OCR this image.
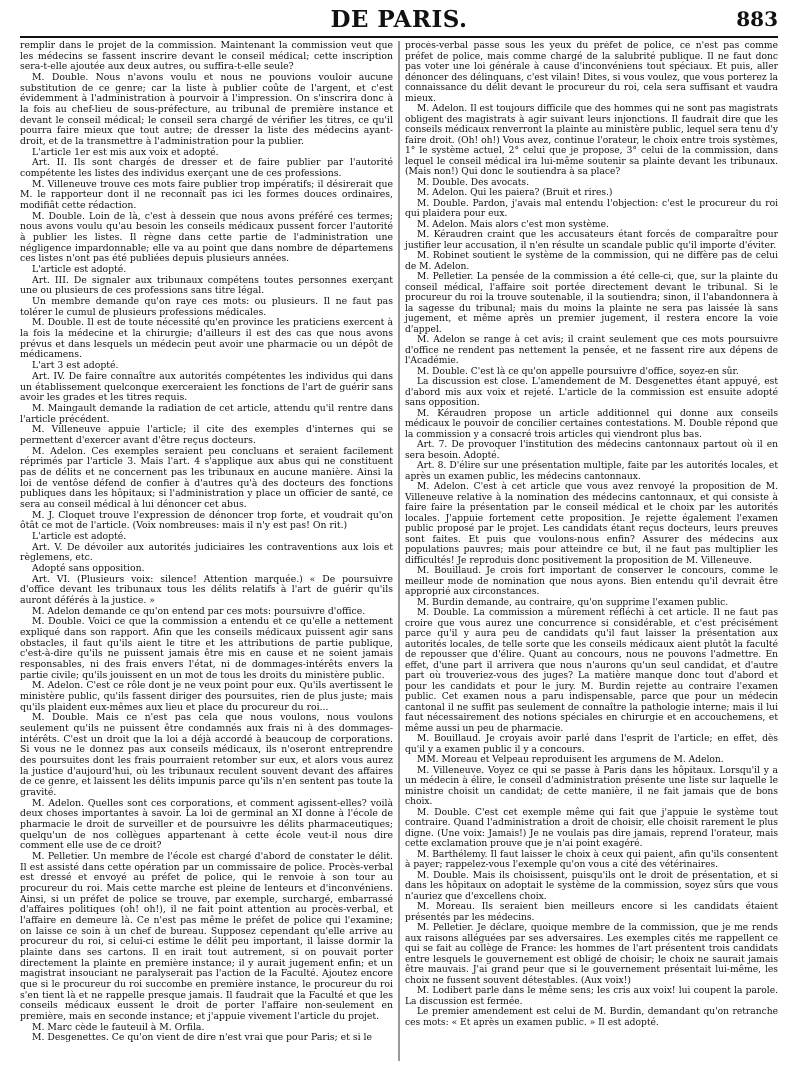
DE PARIS.	883

remplir dans le projet de la commission. Maintenant la commission veut que les médecins se fassent inscrire devant le conseil médical; cette inscription sera-t-elle ajoutée aux deux autres, ou suffira-t-elle seule?

M. Double. Nous n'avons voulu et nous ne pouvions vouloir aucune substitution de ce genre; car la liste à publier coûte de l'argent, et c'est évidemment à l'administration à pourvoir à l'impression. On s'inscrira donc à la fois au chef-lieu de sous-préfecture, au tribunal de première instance et devant le conseil médical; le conseil sera chargé de vérifier les titres, ce qu'il pourra faire mieux que tout autre; de dresser la liste des médecins ayant-droit, et de la transmettre à l'administration pour la publier.

L'article 1er est mis aux voix et adopté.

Art. II. Ils sont chargés de dresser et de faire publier par l'autorité compétente les listes des individus exerçant une de ces professions.

M. Villeneuve trouve ces mots faire publier trop impératifs; il désirerait que M. le rapporteur dont il ne reconnaît pas ici les formes douces ordinaires, modifiât cette rédaction.

M. Double. Loin de là, c'est à dessein que nous avons préféré ces termes; nous avons voulu qu'au besoin les conseils médicaux pussent forcer l'autorité à publier les listes. Il règne dans cette partie de l'administration une négligence impardonnable; elle va au point que dans nombre de départemens ces listes n'ont pas été publiées depuis plusieurs années.

L'article est adopté.

Art. III. De signaler aux tribunaux compétens toutes personnes exerçant une ou plusieurs de ces professions sans titre légal.

Un membre demande qu'on raye ces mots: ou plusieurs. Il ne faut pas tolérer le cumul de plusieurs professions médicales.

M. Double. Il est de toute nécessité qu'en province les praticiens exercent à la fois la médecine et la chirurgie; d'ailleurs il est des cas que nous avons prévus et dans lesquels un médecin peut avoir une pharmacie ou un dépôt de médicamens.

L'art 3 est adopté.

Art. IV. De faire connaître aux autorités compétentes les individus qui dans un établissement quelconque exerceraient les fonctions de l'art de guérir sans avoir les grades et les titres requis.

M. Maingault demande la radiation de cet article, attendu qu'il rentre dans l'article précédent.

M. Villeneuve appuie l'article; il cite des exemples d'internes qui se permettent d'exercer avant d'être reçus docteurs.

M. Adelon. Ces exemples seraient peu concluans et seraient facilement réprimés par l'article 3. Mais l'art. 4 s'applique aux abus qui ne constituent pas de délits et ne concernent pas les tribunaux en aucune manière. Ainsi la loi de ventôse défend de confier à d'autres qu'à des docteurs des fonctions publiques dans les hôpitaux; si l'administration y place un officier de santé, ce sera au conseil médical à lui dénoncer cet abus.

M. J. Cloquet trouve l'expression de dénoncer trop forte, et voudrait qu'on ôtât ce mot de l'article. (Voix nombreuses: mais il n'y est pas! On rit.)

L'article est adopté.

Art. V. De dévoiler aux autorités judiciaires les contraventions aux lois et règlemens, etc.

Adopté sans opposition.

Art. VI. (Plusieurs voix: silence! Attention marquée.) « De poursuivre d'office devant les tribunaux tous les délits relatifs à l'art de guérir qu'ils auront déférés à la justice. »

M. Adelon demande ce qu'on entend par ces mots: poursuivre d'office.

M. Double. Voici ce que la commission a entendu et ce qu'elle a nettement expliqué dans son rapport. Afin que les conseils médicaux puissent agir sans obstacles, il faut qu'ils aient le titre et les attributions de partie publique, c'est-à-dire qu'ils ne puissent jamais être mis en cause et ne soient jamais responsables, ni des frais envers l'état, ni de dommages-intérêts envers la partie civile; qu'ils jouissent en un mot de tous les droits du ministère public.

M. Adelon. C'est ce rôle dont je ne veux point pour eux. Qu'ils avertissent le ministère public, qu'ils fassent diriger des poursuites, rien de plus juste; mais qu'ils plaident eux-mêmes aux lieu et place du procureur du roi...

M. Double. Mais ce n'est pas cela que nous voulons, nous voulons seulement qu'ils ne puissent être condamnés aux frais ni à des dommages-intérêts. C'est un droit que la loi a déjà accordé à beaucoup de corporations. Si vous ne le donnez pas aux conseils médicaux, ils n'oseront entreprendre des poursuites dont les frais pourraient retomber sur eux, et alors vous aurez la justice d'aujourd'hui, où les tribunaux reculent souvent devant des affaires de ce genre, et laissent les délits impunis parce qu'ils n'en sentent pas toute la gravité.

M. Adelon. Quelles sont ces corporations, et comment agissent-elles? voilà deux choses importantes à savoir. La loi de germinal an XI donne à l'école de pharmacie le droit de surveiller et de poursuivre les délits pharmaceutiques; quelqu'un de nos collègues appartenant à cette école veut-il nous dire comment elle use de ce droit?

M. Pelletier. Un membre de l'école est chargé d'abord de constater le délit. Il est assisté dans cette opération par un commissaire de police. Procès-verbal est dressé et envoyé au préfet de police, qui le renvoie à son tour au procureur du roi. Mais cette marche est pleine de lenteurs et d'inconvéniens. Ainsi, si un préfet de police se trouve, par exemple, surchargé, embarrassé d'affaires politiques (oh! oh!), il ne fait point attention au procès-verbal, et l'affaire en demeure là. Ce n'est pas même le préfet de police qui l'examine; on laisse ce soin à un chef de bureau. Supposez cependant qu'elle arrive au procureur du roi, si celui-ci estime le délit peu important, il laisse dormir la plainte dans ses cartons. Il en irait tout autrement, si on pouvait porter directement la plainte en première instance; il y aurait jugement enfin; et un magistrat insouciant ne paralyserait pas l'action de la Faculté. Ajoutez encore que si le procureur du roi succombe en première instance, le procureur du roi s'en tient là et ne rappelle presque jamais. Il faudrait que la Faculté et que les conseils médicaux eussent le droit de porter l'affaire non-seulement en première, mais en seconde instance; et j'appuie vivement l'article du projet.

M. Marc cède le fauteuil à M. Orfila.

M. Desgenettes. Ce qu'on vient de dire n'est vrai que pour Paris; et si le

procès-verbal passe sous les yeux du préfet de police, ce n'est pas comme préfet de police, mais comme chargé de la salubrité publique. Il ne faut donc pas voter une loi générale à cause d'inconvéniens tout spéciaux. Et puis, aller dénoncer des délinquans, c'est vilain! Dites, si vous voulez, que vous porterez la connaissance du délit devant le procureur du roi, cela sera suffisant et vaudra mieux.

M. Adelon. Il est toujours difficile que des hommes qui ne sont pas magistrats obligent des magistrats à agir suivant leurs injonctions. Il faudrait dire que les conseils médicaux renverront la plainte au ministère public, lequel sera tenu d'y faire droit. (Oh! oh!) Vous avez, continue l'orateur, le choix entre trois systèmes, 1° le système actuel, 2° celui que je propose, 3° celui de la commission, dans lequel le conseil médical ira lui-même soutenir sa plainte devant les tribunaux. (Mais non!) Qui donc le soutiendra à sa place?

M. Double. Des avocats.

M. Adelon. Qui les paiera? (Bruit et rires.)

M. Double. Pardon, j'avais mal entendu l'objection: c'est le procureur du roi qui plaidera pour eux.

M. Adelon. Mais alors c'est mon système.

M. Kéraudren craint que les accusateurs étant forcés de comparaître pour justifier leur accusation, il n'en résulte un scandale public qu'il importe d'éviter.

M. Robinet soutient le système de la commission, qui ne diffère pas de celui de M. Adelon.

M. Pelletier. La pensée de la commission a été celle-ci, que, sur la plainte du conseil médical, l'affaire soit portée directement devant le tribunal. Si le procureur du roi la trouve soutenable, il la soutiendra; sinon, il l'abandonnera à la sagesse du tribunal; mais du moins la plainte ne sera pas laissée là sans jugement, et même après un premier jugement, il restera encore la voie d'appel.

M. Adelon se range à cet avis; il craint seulement que ces mots poursuivre d'office ne rendent pas nettement la pensée, et ne fassent rire aux dépens de l'Académie.

M. Double. C'est là ce qu'on appelle poursuivre d'office, soyez-en sûr.

La discussion est close. L'amendement de M. Desgenettes étant appuyé, est d'abord mis aux voix et rejeté. L'article de la commission est ensuite adopté sans opposition.

M. Kéraudren propose un article additionnel qui donne aux conseils médicaux le pouvoir de concilier certaines contestations. M. Double répond que la commission y a consacré trois articles qui viendront plus bas.

Art. 7. De provoquer l'institution des médecins cantonnaux partout où il en sera besoin. Adopté.

Art. 8. D'élire sur une présentation multiple, faite par les autorités locales, et après un examen public, les médecins cantonnaux.

M. Adelon. C'est à cet article que vous avez renvoyé la proposition de M. Villeneuve relative à la nomination des médecins cantonnaux, et qui consiste à faire faire la présentation par le conseil médical et le choix par les autorités locales. J'appuie fortement cette proposition. Je rejette également l'examen public proposé par le projet. Les candidats étant reçus docteurs, leurs preuves sont faites. Et puis que voulons-nous enfin? Assurer des médecins aux populations pauvres; mais pour atteindre ce but, il ne faut pas multiplier les difficultés! Je reproduis donc positivement la proposition de M. Villeneuve.

M. Bouillaud. Je crois fort important de conserver le concours, comme le meilleur mode de nomination que nous ayons. Bien entendu qu'il devrait être approprié aux circonstances.

M. Burdin demande, au contraire, qu'on supprime l'examen public.

M. Double. La commission a mûrement réfléchi à cet article. Il ne faut pas croire que vous aurez une concurrence si considérable, et c'est précisément parce qu'il y aura peu de candidats qu'il faut laisser la présentation aux autorités locales, de telle sorte que les conseils médicaux aient plutôt la faculté de repousser que d'élire. Quant au concours, nous ne pouvons l'admettre. En effet, d'une part il arrivera que nous n'aurons qu'un seul candidat, et d'autre part où trouveriez-vous des juges? La matière manque donc tout d'abord et pour les candidats et pour le jury. M. Burdin rejette au contraire l'examen public. Cet examen nous a paru indispensable, parce que pour un médecin cantonal il ne suffit pas seulement de connaître la pathologie interne; mais il lui faut nécessairement des notions spéciales en chirurgie et en accouchemens, et même aussi un peu de pharmacie.

M. Bouillaud. Je croyais avoir parlé dans l'esprit de l'article; en effet, dès qu'il y a examen public il y a concours.

MM. Moreau et Velpeau reproduisent les argumens de M. Adelon.

M. Villeneuve. Voyez ce qui se passe à Paris dans les hôpitaux. Lorsqu'il y a un médecin à élire, le conseil d'administration présente une liste sur laquelle le ministre choisit un candidat; de cette manière, il ne fait jamais que de bons choix.

M. Double. C'est cet exemple même qui fait que j'appuie le système tout contraire. Quand l'administration a droit de choisir, elle choisit rarement le plus digne. (Une voix: Jamais!) Je ne voulais pas dire jamais, reprend l'orateur, mais cette exclamation prouve que je n'ai point exagéré.

M. Barthélemy. Il faut laisser le choix à ceux qui paient, afin qu'ils consentent à payer; rappelez-vous l'exemple qu'on vous a cité des vétérinaires.

M. Double. Mais ils choisissent, puisqu'ils ont le droit de présentation, et si dans les hôpitaux on adoptait le système de la commission, soyez sûrs que vous n'auriez que d'excellens choix.

M. Moreau. Ils seraient bien meilleurs encore si les candidats étaient présentés par les médecins.

M. Pelletier. Je déclare, quoique membre de la commission, que je me rends aux raisons alléguées par ses adversaires. Les exemples cités me rappellent ce qui se fait au collège de France: les hommes de l'art présentent trois candidats entre lesquels le gouvernement est obligé de choisir; le choix ne saurait jamais être mauvais. J'ai grand peur que si le gouvernement présentait lui-même, les choix ne fussent souvent détestables. (Aux voix!)

M. Lodibert parle dans le même sens; les cris aux voix! lui coupent la parole. La discussion est fermée.

Le premier amendement est celui de M. Burdin, demandant qu'on retranche ces mots: « Et après un examen public. » Il est adopté.
